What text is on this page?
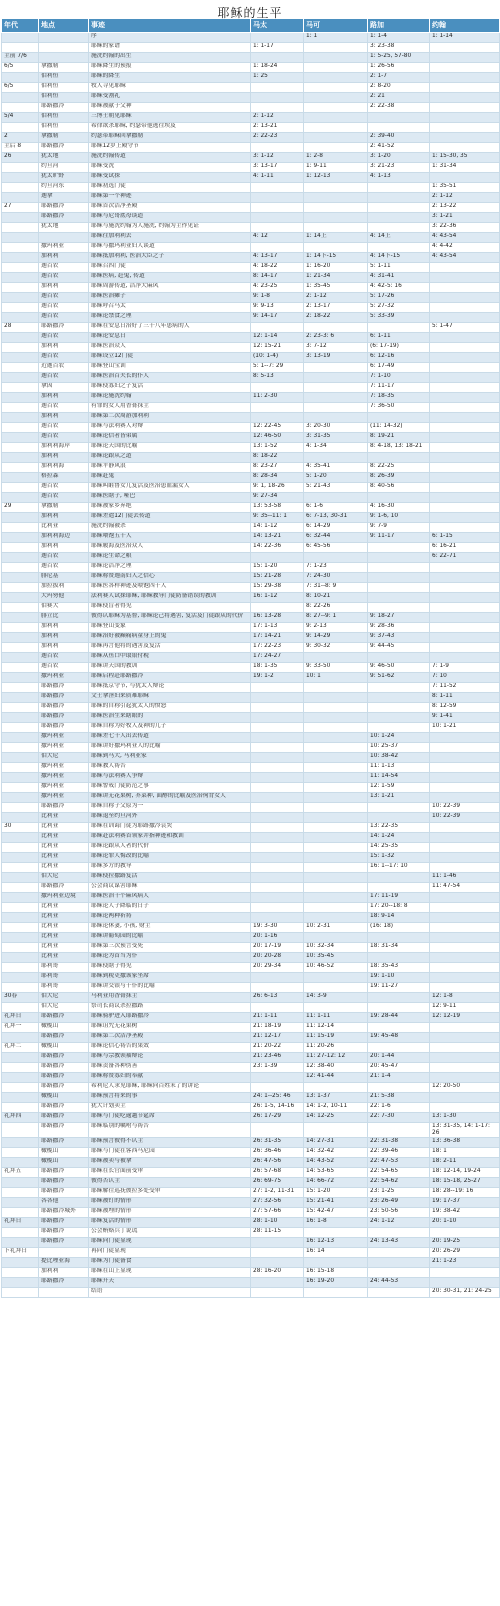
耶稣的生平
年代	地点	事迹	马太	马可	路加	约翰
		序		1: 1	1: 1-4	1: 1-14
		耶稣的家谱	1: 1-17		3: 23-38	
主前 7/6		施洗约翰的出生			1: 5-25, 57-80	
6/5	拿撒勒	耶稣降生的预报	1: 18-24		1: 26-56	
	伯利恒	耶稣的降生	1: 25		2: 1-7	
6/5	伯利恒	牧人寻见耶稣			2: 8-20	
	伯利恒	耶稣受割礼			2: 21	
	耶路撒冷	耶稣被献于父神			2: 22-38	
5/4	伯利恒	三博士朝见耶稣	2: 1-12			
	伯利恒	希律欲杀耶稣, 约瑟带他逃往埃及	2: 13-21			
2	拿撒勒	约瑟带耶稣回拿撒勒	2: 22-23		2: 39-40	
主后 8	耶路撒冷	耶稣12岁上殿守节			2: 41-52	
26	犹太地	施洗约翰传道	3: 1-12	1: 2-8	3: 1-20	1: 15-30, 35
	约旦河	耶稣受洗	3: 13-17	1: 9-11	3: 21-23	1: 31-34
	犹太旷野	耶稣受试探	4: 1-11	1: 12-13	4: 1-13	
	约旦河东	耶稣初选门徒				1: 35-51
	迦拿	耶稣第一个神迹				2: 1-12
27	耶路撒冷	耶稣首次洁净圣殿				2: 13-22
	耶路撒冷	耶稣与尼哥底母谈道				3: 1-21
	犹太地	耶稣与施洗约翰为人施洗, 约翰为主作见证				3: 22-36
		耶稣往加利利去	4: 12	1: 14上	4: 14上	4: 43-54
	撒玛利亚	耶稣与撒玛利亚妇人谈道				4: 4-42
	加利利	耶稣抵加利利, 医治大臣之子	4: 13-17	1: 14下-15	4: 14下-15	4: 43-54
	迦百农	耶稣召四门徒	4: 18-22	1: 16-20	5: 1-11	
	迦百农	耶稣医病, 赶鬼, 传道	8: 14-17	1: 21-34	4: 31-41	
	加利利	耶稣周游传道, 洁净大麻风	4: 23-25	1: 35-45	4: 42-5: 16	
	迦百农	耶稣医治瘫子	9: 1-8	2: 1-12	5: 17-26	
	迦百农	耶稣呼召马太	9: 9-13	2: 13-17	5: 27-32	
	迦百农	耶稣论禁食之理	9: 14-17	2: 18-22	5: 33-39	
28	耶路撒冷	耶稣在安息日治好了三十八年患病的人				5: 1-47
	迦百农	耶稣论安息日	12: 1-14	2: 23-3: 6	6: 1-11	
	加利利	耶稣医治众人	12: 15-21	3: 7-12	(6: 17-19)	
	迦百农	耶稣设立12门徒	(10: 1-4)	3: 13-19	6: 12-16	
	近迦百农	耶稣登山宝训	5: 1--7: 29		6: 17-49	
	迦百农	耶稣医治百夫长的仆人	8: 5-13		7: 1-10	
	拿因	耶稣使寡妇之子复活			7: 11-17	
	加利利	耶稣论施洗约翰	11: 2-30		7: 18-35	
	迦百农	有罪的女人用香膏抹主			7: 36-50	
	加利利	耶稣第二次周游加利利				
	迦百农	耶稣与法利赛人对辩	12: 22-45	3: 20-30	(11: 14-32)	
	迦百农	耶稣论信者皆弟属	12: 46-50	3: 31-35	8: 19-21	
	加利利海岸	耶稣论天国的比喻	13: 1-52	4: 1-34	8: 4-18, 13: 18-21	
	加利利	耶稣论跟从之道	8: 18-22			
	加利利海	耶稣平静风浪	8: 23-27	4: 35-41	8: 22-25	
	格拉森	耶稣赶鬼	8: 28-34	5: 1-20	8: 26-39	
	迦百农	耶稣叫睚鲁女儿复活及医治患血漏女人	9: 1, 18-26	5: 21-43	8: 40-56	
	迦百农	耶稣医瞎子, 哑巴	9: 27-34			
29	拿撒勒	耶稣被家乡弃绝	13: 53-58	6: 1-6	4: 16-30	
	加利利	耶稣差遣12门徒去传道	9: 35--11: 1	6: 7-13, 30-31	9: 1-6, 10	
	比利亚	施洗约翰被杀	14: 1-12	6: 14-29	9: 7-9	
	加利利海边	耶稣喂饱五千人	14: 13-21	6: 32-44	9: 11-17	6: 1-15
	加利利	耶稣履海及医治众人	14: 22-36	6: 45-56		6: 16-21
	迦百农	耶稣论生命之粮				6: 22-71
	迦百农	耶稣论洁净之理	15: 1-20	7: 1-23		
	腓尼基	耶稣称赞迦南妇人之信心	15: 21-28	7: 24-30		
	加拉拔利	耶稣医各样神迹及喂饱四千人	15: 29-38	7: 31--8: 9		
	大玛努他	法利赛人试探耶稣, 耶稣教导门徒防备错误的教训	16: 1-12	8: 10-21		
	伯赛大	耶稣使盲者得见		8: 22-26		
	腓立比	彼得认耶稣为基督, 耶稣论己将遇害, 复活及门徒跟从的代价	16: 13-28	8: 27--9: 1	9: 18-27	
	加利利	耶稣登山变象	17: 1-13	9: 2-13	9: 28-36	
	加利利	耶稣治好被癫痫病童身上的鬼	17: 14-21	9: 14-29	9: 37-43	
	加利利	耶稣再言他将的遇害及复活	17: 22-23	9: 30-32	9: 44-45	
	迦百农	耶稣从鱼口中取银付税	17: 24-27			
	迦百农	耶稣讲天国的教训	18: 1-35	9: 33-50	9: 46-50	7: 1-9
	撒玛利亚	耶稣启程赴耶路撒冷	19: 1-2	10: 1	9: 51-62	7: 10
	耶路撒冷	耶稣抵京守节, 与犹太人辩论				7: 11-52
	耶路撒冷	文士拿淫妇来质难耶稣				8: 1-11
	耶路撒冷	耶稣的自称引起犹太人的愤怒				8: 12-59
	耶路撒冷	耶稣医治生来瞎眼的				9: 1-41
	耶路撒冷	耶稣自称为好牧人及神的儿子				10: 1-21
	撒玛利亚	耶稣差七十人出去传道			10: 1-24	
	撒玛利亚	耶稣讲好撒玛利亚人的比喻			10: 25-37	
	伯大尼	耶稣到马大, 马利亚家			10: 38-42	
	撒玛利亚	耶稣教人祷告			11: 1-13	
	撒玛利亚	耶稣与法利赛人争辩			11: 14-54	
	撒玛利亚	耶稣警戒门徒防范之事			12: 1-59	
	撒玛利亚	耶稣讲无花果树, 芥菜种, 面酵的比喻及医治佝背女人			13: 1-21	
	耶路撒冷	耶稣自称子父原为一				10: 22-39
	比利亚	耶稣退至约旦河外				10: 22-39
30	比利亚	耶稣在训诲门徒为耶路撒冷哀哭			13: 22-35	
	比利亚	耶稣赴法利赛首领家并指神迹和教训			14: 1-24	
	比利亚	耶稣论跟从人者的代价			14: 25-35	
	比利亚	耶稣论罪人悔改的比喻			15: 1-32	
	比利亚	耶稣多方的教导			16: 1--17: 10	
	伯大尼	耶稣使拉撒路复活				11: 1-46
	耶路撒冷	公会商议谋害耶稣				11: 47-54
	撒玛利亚边境	耶稣医治十个麻风病人			17: 11-19	
	比利亚	耶稣论人子降临的日子			17: 20--18: 8	
	比利亚	耶稣论两种祈祷			18: 9-14	
	比利亚	耶稣论休妻, 小孩, 财主	19: 3-30	10: 2-31	(16: 18)	
	比利亚	耶稣讲葡萄园的比喻	20: 1-16			
	比利亚	耶稣第三次预言受死	20: 17-19	10: 32-34	18: 31-34	
	比利亚	耶稣论为首当为仆	20: 20-28	10: 35-45		
	耶利哥	耶稣使瞎子得见	20: 29-34	10: 46-52	18: 35-43	
	耶利哥	耶稣到税吏撒该家坐席			19: 1-10	
	耶利哥	耶稣讲交银与十仆的比喻			19: 11-27	
30春	伯大尼	马利亚用香膏抹主	26: 6-13	14: 3-9		12: 1-8
	伯大尼	祭司长商议杀拉撒路				12: 9-11
礼拜日	耶路撒冷	耶稣骑驴进入耶路撒冷	21: 1-11	11: 1-11	19: 28-44	12: 12-19
礼拜一	橄榄山	耶稣诅咒无花果树	21: 18-19	11: 12-14		
	耶路撒冷	耶稣第二次洁净圣殿	21: 12-17	11: 15-19	19: 45-48	
礼拜二	橄榄山	耶稣论信心祷告的果效	21: 20-22	11: 20-26		
	耶路撒冷	耶稣与宗教领袖辩论	21: 23-46	11: 27-12: 12	20: 1-44	
	耶路撒冷	耶稣责备各种伪善	23: 1-39	12: 38-40	20: 45-47	
	耶路撒冷	耶稣称赞寡妇的奉献		12: 41-44	21: 1-4	
	耶路撒冷	希利尼人求见耶稣, 耶稣向百姓末了的讲论				12: 20-50
	橄榄山	耶稣预言将来的事	24: 1--25: 46	13: 1-37	21: 5-38	
	耶路撒冷	犹大计划卖主	26: 1-5, 14-16	14: 1-2, 10-11	22: 1-6	
礼拜四	耶路撒冷	耶稣与门徒吃逾越节筵席	26: 17-29	14: 12-25	22: 7-30	13: 1-30
	耶路撒冷	耶稣临别的嘱咐与祷告				13: 31-35, 14: 1-17: 26
	耶路撒冷	耶稣预言彼得不认主	26: 31-35	14: 27-31	22: 31-38	13: 36-38
	橄榄山	耶稣与门徒在客西马尼园	26: 36-46	14: 32-42	22: 39-46	18: 1
	橄榄山	耶稣被卖与被拿	26: 47-56	14: 43-52	22: 47-53	18: 2-11
礼拜五	耶路撒冷	耶稣在长官面前受审	26: 57-68	14: 53-65	22: 54-65	18: 12-14, 19-24
	耶路撒冷	彼得否认主	26: 69-75	14: 66-72	22: 54-62	18: 15-18, 25-27
	耶路撒冷	耶稣解往巡抚彼拉多处受审	27: 1-2, 11-31	15: 1-20	23: 1-25	18: 28--19: 16
	各各他	耶稣被钉的情形	27: 32-56	15: 21-41	23: 26-49	19: 17-37
	耶路撒冷城外	耶稣被埋的情形	27: 57-66	15: 42-47	23: 50-56	19: 38-42
礼拜日	耶路撒冷	耶稣复活的情形	28: 1-10	16: 1-8	24: 1-12	20: 1-10
	耶路撒冷	公会贿赂兵丁说谎	28: 11-15			
	耶路撒冷	耶稣向门徒显现		16: 12-13	24: 13-43	20: 19-25
下礼拜日		再向门徒显现		16: 14		20: 26-29
	提比哩亚海	耶稣为门徒备食				21: 1-23
	加利利	耶稣在山上显现	28: 16-20	16: 15-18		
	耶路撒冷	耶稣升天		16: 19-20	24: 44-53	
		结语				20: 30-31, 21: 24-25
